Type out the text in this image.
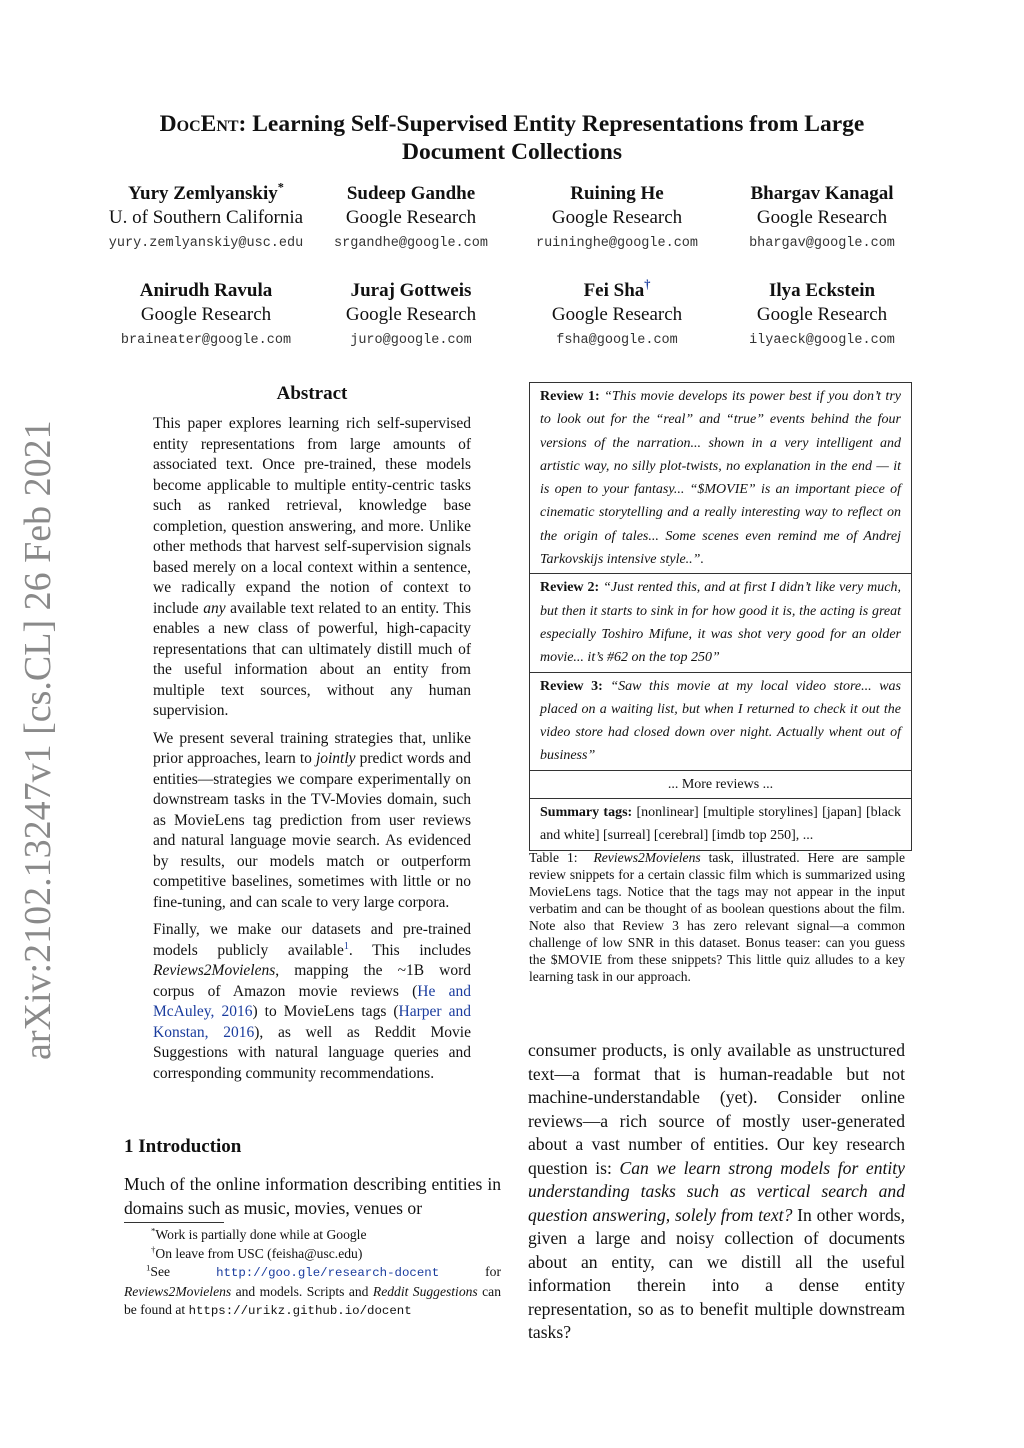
arXiv:2102.13247v1 [cs.CL] 26 Feb 2021
DocEnt: Learning Self-Supervised Entity Representations from Large
Document Collections
Yury Zemlyanskiy*
U. of Southern California
yury.zemlyanskiy@usc.edu
Sudeep Gandhe
Google Research
srgandhe@google.com
Ruining He
Google Research
ruininghe@google.com
Bhargav Kanagal
Google Research
bhargav@google.com
Anirudh Ravula
Google Research
braineater@google.com
Juraj Gottweis
Google Research
juro@google.com
Fei Sha†
Google Research
fsha@google.com
Ilya Eckstein
Google Research
ilyaeck@google.com
Abstract

This paper explores learning rich self-supervised entity representations from large amounts of associated text. Once pre-trained, these models become applicable to multiple entity-centric tasks such as ranked retrieval, knowledge base completion, question answering, and more. Unlike other methods that harvest self-supervision signals based merely on a local context within a sentence, we radically expand the notion of context to include any available text related to an entity. This enables a new class of powerful, high-capacity representations that can ultimately distill much of the useful information about an entity from multiple text sources, without any human supervision.

We present several training strategies that, unlike prior approaches, learn to jointly predict words and entities—strategies we compare experimentally on downstream tasks in the TV-Movies domain, such as MovieLens tag prediction from user reviews and natural language movie search. As evidenced by results, our models match or outperform competitive baselines, sometimes with little or no fine-tuning, and can scale to very large corpora.

Finally, we make our datasets and pre-trained models publicly available$^1$. This includes Reviews2Movielens, mapping the ~1B word corpus of Amazon movie reviews (He and McAuley, 2016) to MovieLens tags (Harper and Konstan, 2016), as well as Reddit Movie Suggestions with natural language queries and corresponding community recommendations.

1 Introduction
Much of the online information describing entities in domains such as music, movies, venues or
*Work is partially done while at Google
†On leave from USC (feisha@usc.edu)
$^1$See http://goo.gle/research-docent for Reviews2Movielens and models. Scripts and Reddit Suggestions can be found at https://urikz.github.io/docent
Review 1: “This movie develops its power best if you don’t try to look out for the “real” and “true” events behind the four versions of the narration... shown in a very intelligent and artistic way, no silly plot-twists, no explanation in the end — it is open to your fantasy... “$MOVIE” is an important piece of cinematic storytelling and a really interesting way to reflect on the origin of tales... Some scenes even remind me of Andrej Tarkovskijs intensive style..”.
Review 2: “Just rented this, and at first I didn’t like very much, but then it starts to sink in for how good it is, the acting is great especially Toshiro Mifune, it was shot very good for an older movie... it’s #62 on the top 250”
Review 3: “Saw this movie at my local video store... was placed on a waiting list, but when I returned to check it out the video store had closed down over night. Actually whent out of business”
... More reviews ...
Summary tags: [nonlinear] [multiple storylines] [japan] [black and white] [surreal] [cerebral] [imdb top 250], ...
Table 1: Reviews2Movielens task, illustrated. Here are sample review snippets for a certain classic film which is summarized using MovieLens tags. Notice that the tags may not appear in the input verbatim and can be thought of as boolean questions about the film. Note also that Review 3 has zero relevant signal—a common challenge of low SNR in this dataset. Bonus teaser: can you guess the $MOVIE from these snippets? This little quiz alludes to a key learning task in our approach.
consumer products, is only available as unstructured text—a format that is human-readable but not machine-understandable (yet). Consider online reviews—a rich source of mostly user-generated about a vast number of entities. Our key research question is: Can we learn strong models for entity understanding tasks such as vertical search and question answering, solely from text? In other words, given a large and noisy collection of documents about an entity, can we distill all the useful information therein into a dense entity representation, so as to benefit multiple downstream tasks?
